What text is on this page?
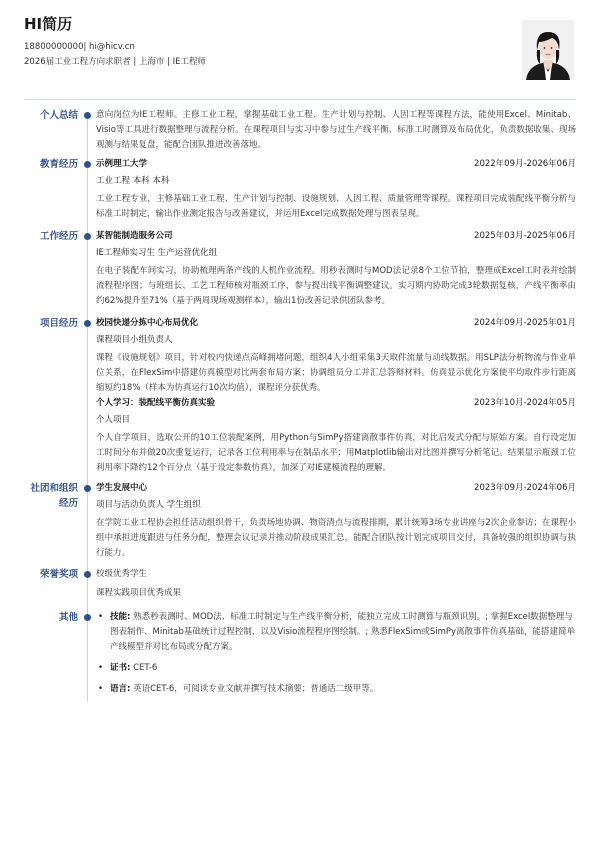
HI简历
18800000000| hi@hicv.cn
2026届工业工程方向求职者 | 上海市 | IE工程师
个人总结 意向岗位为IE工程师。主修工业工程，掌握基础工业工程、生产计划与控制、人因工程等课程方法，能使用Excel、Minitab、Visio等工具进行数据整理与流程分析。在课程项目与实习中参与过生产线平衡、标准工时测算及布局优化，负责数据收集、现场观测与结果复盘，能配合团队推进改善落地。
教育经历 示例理工大学	2022年09月-2026年06月
工业工程 本科 本科
工业工程专业，主修基础工业工程、生产计划与控制、设施规划、人因工程、质量管理等课程。课程项目完成装配线平衡分析与标准工时制定，输出作业测定报告与改善建议，并运用Excel完成数据处理与图表呈现。
工作经历 某智能制造服务公司	2025年03月-2025年06月
IE工程师实习生 生产运营优化组
在电子装配车间实习，协助梳理两条产线的人机作业流程。用秒表测时与MOD法记录8个工位节拍，整理成Excel工时表并绘制流程程序图；与班组长、工艺工程师核对瓶颈工序，参与提出线平衡调整建议。实习期内协助完成3轮数据复核，产线平衡率由约62%提升至71%（基于两周现场观测样本），输出1份改善记录供团队参考。
项目经历 校园快递分拣中心布局优化	2024年09月-2025年01月
课程项目小组负责人
课程《设施规划》项目，针对校内快递点高峰拥堵问题，组织4人小组采集3天取件流量与动线数据。用SLP法分析物流与作业单位关系，在FlexSim中搭建仿真模型对比两套布局方案；协调组员分工并汇总答辩材料。仿真显示优化方案使平均取件步行距离缩短约18%（样本为仿真运行10次均值），课程评分获优秀。
个人学习：装配线平衡仿真实验	2023年10月-2024年05月
个人项目
个人自学项目，选取公开的10工位装配案例，用Python与SimPy搭建离散事件仿真，对比启发式分配与原始方案。自行设定加工时间分布并做20次重复运行，记录各工位利用率与在制品水平；用Matplotlib输出对比图并撰写分析笔记。结果显示瓶颈工位利用率下降约12个百分点（基于设定参数仿真），加深了对IE建模流程的理解。
社团和组织经历
学生发展中心	2023年09月-2024年06月
项目与活动负责人 学生组织
在学院工业工程协会担任活动组织骨干，负责场地协调、物资清点与流程排期，累计统筹3场专业讲座与2次企业参访；在课程小组中承担进度跟进与任务分配，整理会议记录并推动阶段成果汇总，能配合团队按计划完成项目交付，具备较强的组织协调与执行能力。
荣誉奖项 校级优秀学生
课程实践项目优秀成果
其他
•	技能: 熟悉秒表测时、MOD法、标准工时制定与生产线平衡分析，能独立完成工时测算与瓶颈识别。; 掌握Excel数据整理与图表制作、Minitab基础统计过程控制，以及Visio流程程序图绘制。; 熟悉FlexSim或SimPy离散事件仿真基础，能搭建简单产线模型并对比布局或分配方案。
• 证书: CET-6
• 语言: 英语CET-6，可阅读专业文献并撰写技术摘要；普通话二级甲等。
